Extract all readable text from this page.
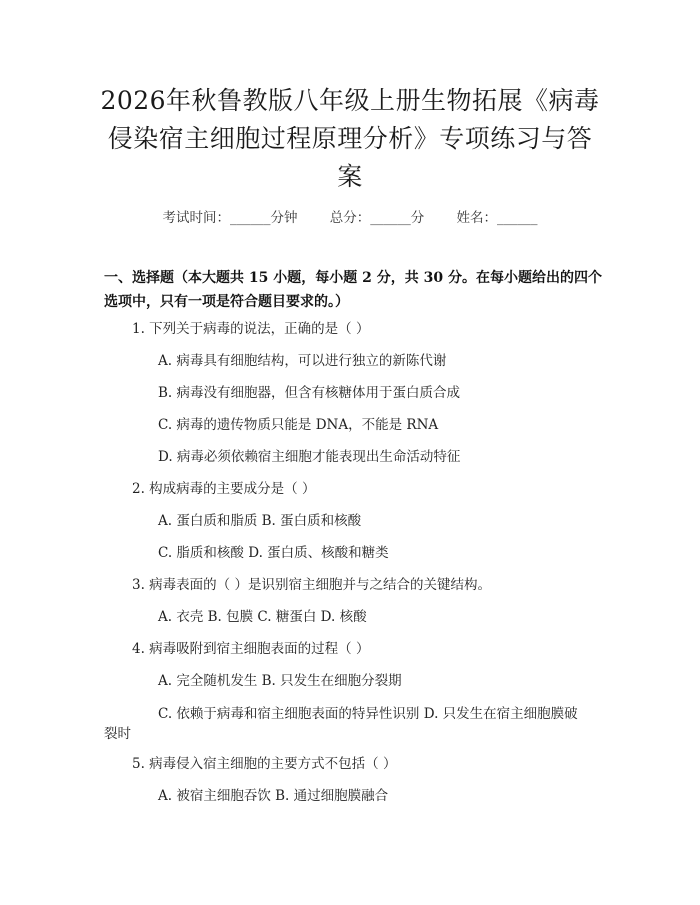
2026年秋鲁教版八年级上册生物拓展《病毒
侵染宿主细胞过程原理分析》专项练习与答
案
考试时间：______分钟 总分：______分 姓名：______
一、选择题（本大题共 15 小题，每小题 2 分，共 30 分。在每小题给出的四个选项中，只有一项是符合题目要求的。）
1. 下列关于病毒的说法，正确的是（ ）
A. 病毒具有细胞结构，可以进行独立的新陈代谢
B. 病毒没有细胞器，但含有核糖体用于蛋白质合成
C. 病毒的遗传物质只能是 DNA，不能是 RNA
D. 病毒必须依赖宿主细胞才能表现出生命活动特征
2. 构成病毒的主要成分是（ ）
A. 蛋白质和脂质 B. 蛋白质和核酸
C. 脂质和核酸 D. 蛋白质、核酸和糖类
3. 病毒表面的（ ）是识别宿主细胞并与之结合的关键结构。
A. 衣壳 B. 包膜 C. 糖蛋白 D. 核酸
4. 病毒吸附到宿主细胞表面的过程（ ）
A. 完全随机发生 B. 只发生在细胞分裂期
C. 依赖于病毒和宿主细胞表面的特异性识别 D. 只发生在宿主细胞膜破
裂时
5. 病毒侵入宿主细胞的主要方式不包括（ ）
A. 被宿主细胞吞饮 B. 通过细胞膜融合
